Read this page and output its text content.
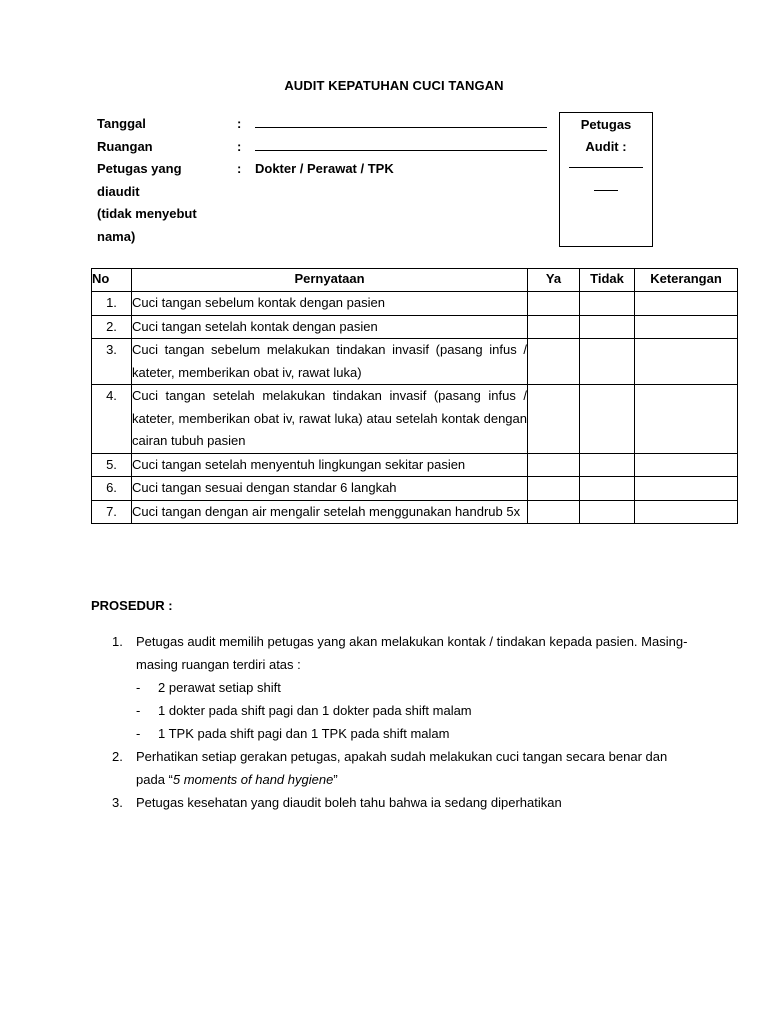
AUDIT KEPATUHAN CUCI TANGAN
Tanggal	:
Ruangan	:
Petugas yang
diaudit
(tidak menyebut
nama)
:	Dokter / Perawat / TPK
Petugas
Audit :
No	Pernyataan	Ya	Tidak	Keterangan
1.	Cuci tangan sebelum kontak dengan pasien			
2.	Cuci tangan setelah kontak dengan pasien			
3.	Cuci tangan sebelum melakukan tindakan invasif (pasang infus / kateter, memberikan obat iv, rawat luka)			
4.	Cuci tangan setelah melakukan tindakan invasif (pasang infus / kateter, memberikan obat iv, rawat luka) atau setelah kontak dengan cairan tubuh pasien			
5.	Cuci tangan setelah menyentuh lingkungan sekitar pasien			
6.	Cuci tangan sesuai dengan standar 6 langkah			
7.	Cuci tangan dengan air mengalir setelah menggunakan handrub 5x			
PROSEDUR :
1.	Petugas audit memilih petugas yang akan melakukan kontak / tindakan kepada pasien. Masing-masing ruangan terdiri atas :
-	2 perawat setiap shift
-	1 dokter pada shift pagi dan 1 dokter pada shift malam
-	1 TPK pada shift pagi dan 1 TPK pada shift malam
2.	Perhatikan setiap gerakan petugas, apakah sudah melakukan cuci tangan secara benar dan pada “5 moments of hand hygiene”
3.	Petugas kesehatan yang diaudit boleh tahu bahwa ia sedang diperhatikan
